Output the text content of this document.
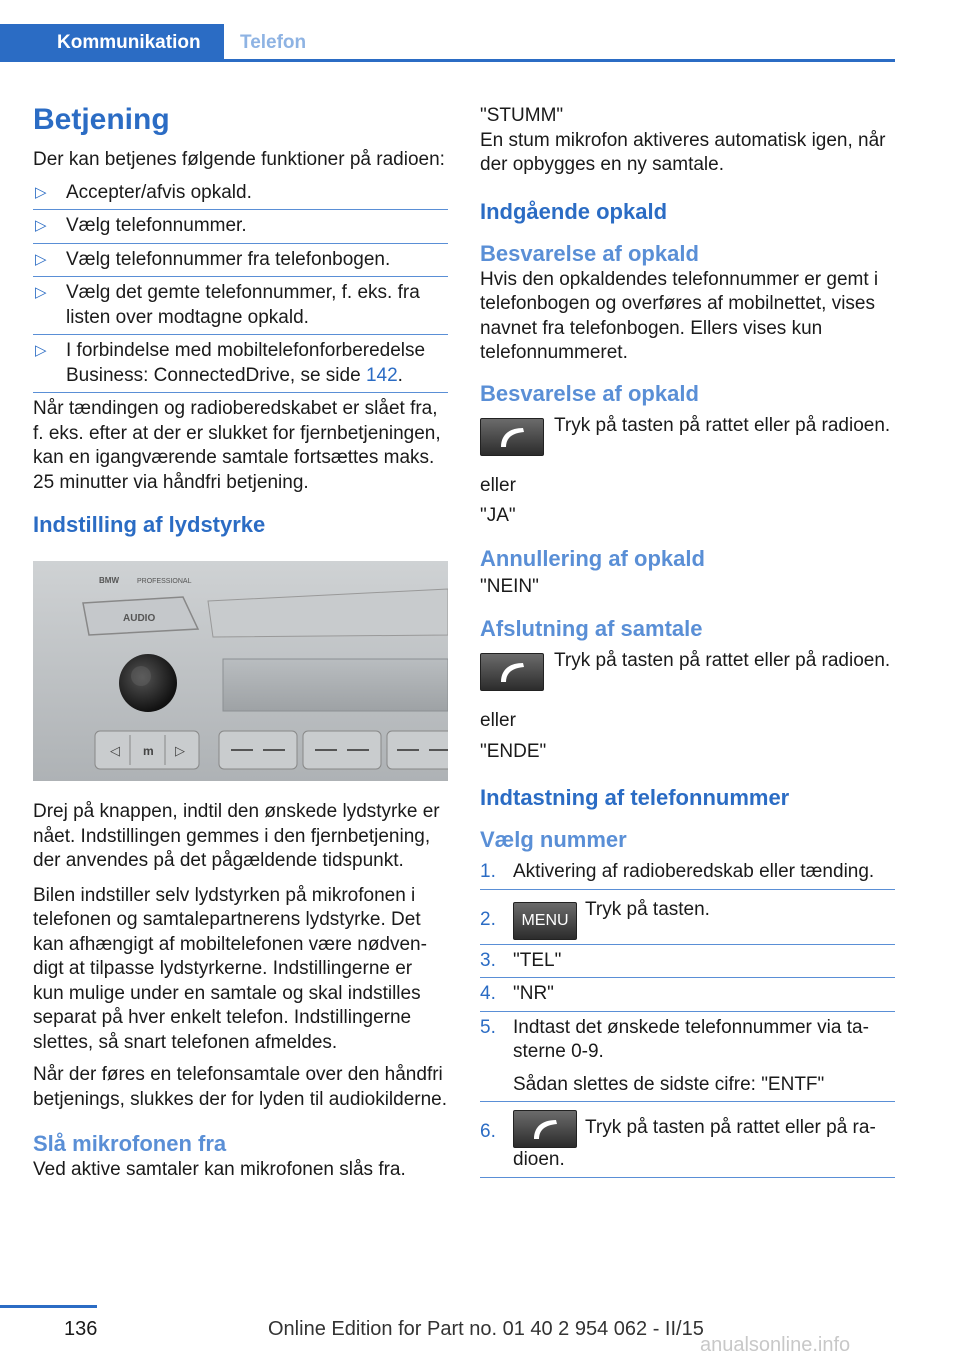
Kommunikation	Telefon
Betjening

Der kan betjenes følgende funktioner på radioen:

▷ Accepter/afvis opkald.
▷ Vælg telefonnummer.
▷ Vælg telefonnummer fra telefonbogen.
▷ Vælg det gemte telefonnummer, f. eks. fra listen over modtagne opkald.
▷ I forbindelse med mobiltelefonforberedelse Business: ConnectedDrive, se side 142.

Når tændingen og radioberedskabet er slået fra, f. eks. efter at der er slukket for fjernbetjeningen, kan en igangværende samtale fortsættes maks. 25 minutter via håndfri betjening.

Indstilling af lydstyrke
BMW	PROFESSIONAL
AUDIO
◁ m ▷

Drej på knappen, indtil den ønskede lydstyrke er nået. Indstillingen gemmes i den fjernbetjening, der anvendes på det pågældende tidspunkt.

Bilen indstiller selv lydstyrken på mikrofonen i telefonen og samtalepartnerens lydstyrke. Det kan afhængigt af mobiltelefonen være nødvendigt at tilpasse lydstyrkerne. Indstillingerne er kun mulige under en samtale og skal indstilles separat på hver enkelt telefon. Indstillingerne slettes, så snart telefonen afmeldes.

Når der føres en telefonsamtale over den håndfri betjenings, slukkes der for lyden til audiokilderne.

Slå mikrofonen fra

Ved aktive samtaler kan mikrofonen slås fra.

"STUMM"

En stum mikrofon aktiveres automatisk igen, når der opbygges en ny samtale.

Indgående opkald
Besvarelse af opkald

Hvis den opkaldendes telefonnummer er gemt i telefonbogen og overføres af mobilnettet, vises navnet fra telefonbogen. Ellers vises kun telefonnummeret.

Besvarelse af opkald
Tryk på tasten på rattet eller på radioen.

eller

"JA"

Annullering af opkald

"NEIN"

Afslutning af samtale
Tryk på tasten på rattet eller på radioen.

eller

"ENDE"

Indtastning af telefonnummer
Vælg nummer
1. Aktivering af radioberedskab eller tænding.
2. MENU
Tryk på tasten.
3. "TEL"
4. "NR"
5. Indtast det ønskede telefonnummer via tasterne 0-9.
Sådan slettes de sidste cifre: "ENTF"
6.	Tryk på tasten på rattet eller på radioen.
136	Online Edition for Part no. 01 40 2 954 062 - II/15
anualsonline.info
